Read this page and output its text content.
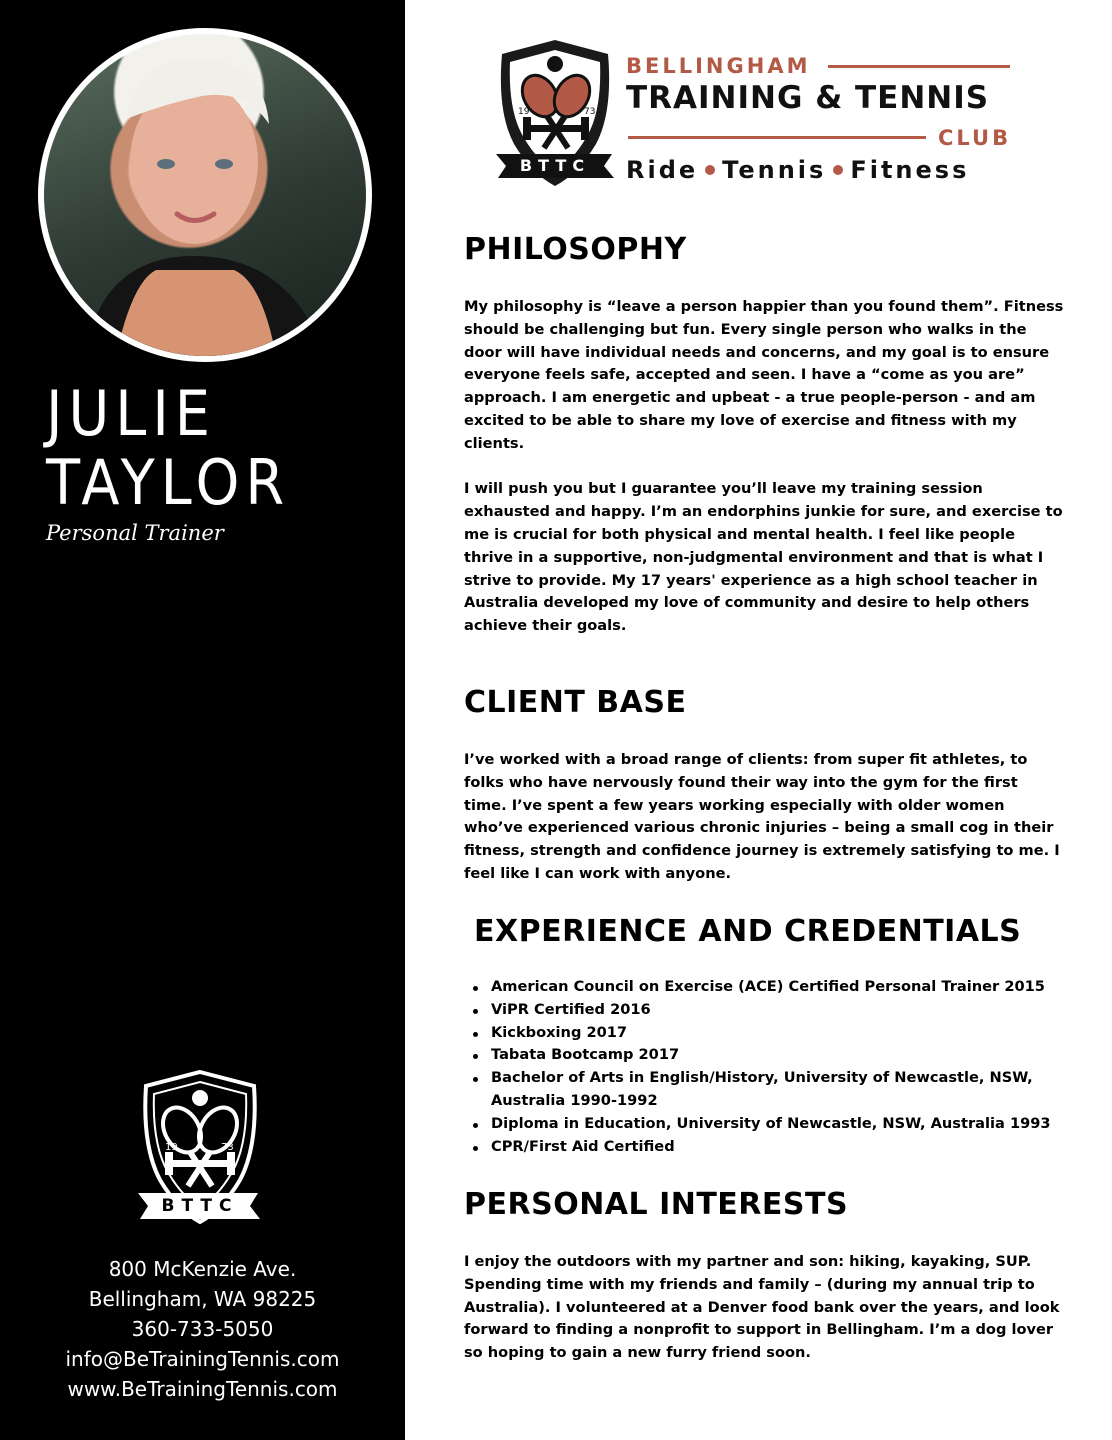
JULIE
TAYLOR
Personal Trainer
19	73
BTTC
800 McKenzie Ave.
Bellingham, WA 98225
360-733-5050
info@BeTrainingTennis.com
www.BeTrainingTennis.com
19	73
BTTC
BELLINGHAM
TRAINING & TENNIS
CLUB
Ride Tennis Fitness
PHILOSOPHY

My philosophy is “leave a person happier than you found them”. Fitness should be challenging but fun. Every single person who walks in the door will have individual needs and concerns, and my goal is to ensure everyone feels safe, accepted and seen. I have a “come as you are” approach. I am energetic and upbeat - a true people-person - and am excited to be able to share my love of exercise and fitness with my clients.

I will push you but I guarantee you’ll leave my training session exhausted and happy. I’m an endorphins junkie for sure, and exercise to me is crucial for both physical and mental health. I feel like people thrive in a supportive, non-judgmental environment and that is what I strive to provide. My 17 years' experience as a high school teacher in Australia developed my love of community and desire to help others achieve their goals.

CLIENT BASE

I’ve worked with a broad range of clients: from super fit athletes, to folks who have nervously found their way into the gym for the first time. I’ve spent a few years working especially with older women who’ve experienced various chronic injuries – being a small cog in their fitness, strength and confidence journey is extremely satisfying to me. I feel like I can work with anyone.

EXPERIENCE AND CREDENTIALS
American Council on Exercise (ACE) Certified Personal Trainer 2015
ViPR Certified 2016
Kickboxing 2017
Tabata Bootcamp 2017
Bachelor of Arts in English/History, University of Newcastle, NSW, Australia 1990-1992
Diploma in Education, University of Newcastle, NSW, Australia 1993
CPR/First Aid Certified
PERSONAL INTERESTS

I enjoy the outdoors with my partner and son: hiking, kayaking, SUP. Spending time with my friends and family – (during my annual trip to Australia). I volunteered at a Denver food bank over the years, and look forward to finding a nonprofit to support in Bellingham. I’m a dog lover so hoping to gain a new furry friend soon.
